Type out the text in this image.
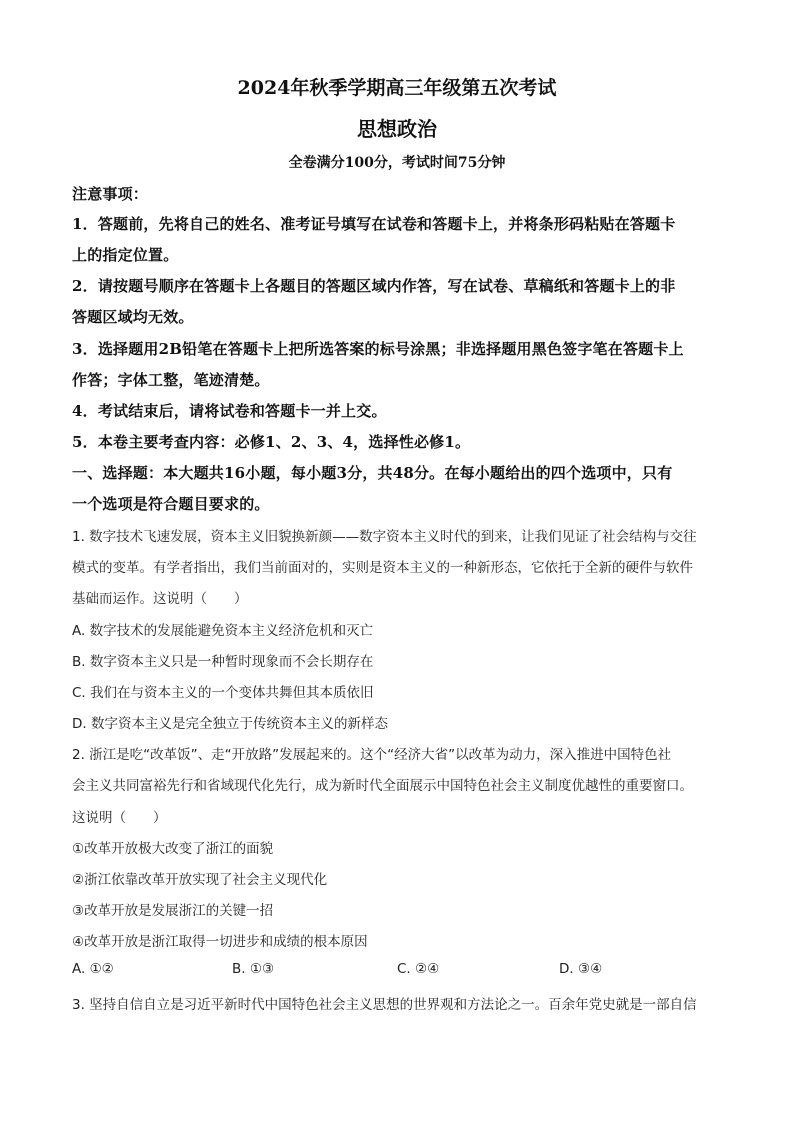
2024年秋季学期高三年级第五次考试
思想政治
全卷满分100分，考试时间75分钟
注意事项：
1．答题前，先将自己的姓名、准考证号填写在试卷和答题卡上，并将条形码粘贴在答题卡
上的指定位置。
2．请按题号顺序在答题卡上各题目的答题区域内作答，写在试卷、草稿纸和答题卡上的非
答题区域均无效。
3．选择题用2B铅笔在答题卡上把所选答案的标号涂黑；非选择题用黑色签字笔在答题卡上
作答；字体工整，笔迹清楚。
4．考试结束后，请将试卷和答题卡一并上交。
5．本卷主要考查内容：必修1、2、3、4，选择性必修1。
一、选择题：本大题共16小题，每小题3分，共48分。在每小题给出的四个选项中，只有
一个选项是符合题目要求的。
1. 数字技术飞速发展，资本主义旧貌换新颜——数字资本主义时代的到来，让我们见证了社会结构与交往
模式的变革。有学者指出，我们当前面对的，实则是资本主义的一种新形态，它依托于全新的硬件与软件
基础而运作。这说明（　　）
A. 数字技术的发展能避免资本主义经济危机和灭亡
B. 数字资本主义只是一种暂时现象而不会长期存在
C. 我们在与资本主义的一个变体共舞但其本质依旧
D. 数字资本主义是完全独立于传统资本主义的新样态
2. 浙江是吃“改革饭”、走“开放路”发展起来的。这个“经济大省”以改革为动力，深入推进中国特色社
会主义共同富裕先行和省域现代化先行，成为新时代全面展示中国特色社会主义制度优越性的重要窗口。
这说明（　　）
①改革开放极大改变了浙江的面貌
②浙江依靠改革开放实现了社会主义现代化
③改革开放是发展浙江的关键一招
④改革开放是浙江取得一切进步和成绩的根本原因
A. ①②	B. ①③	C. ②④	D. ③④
3. 坚持自信自立是习近平新时代中国特色社会主义思想的世界观和方法论之一。百余年党史就是一部自信
